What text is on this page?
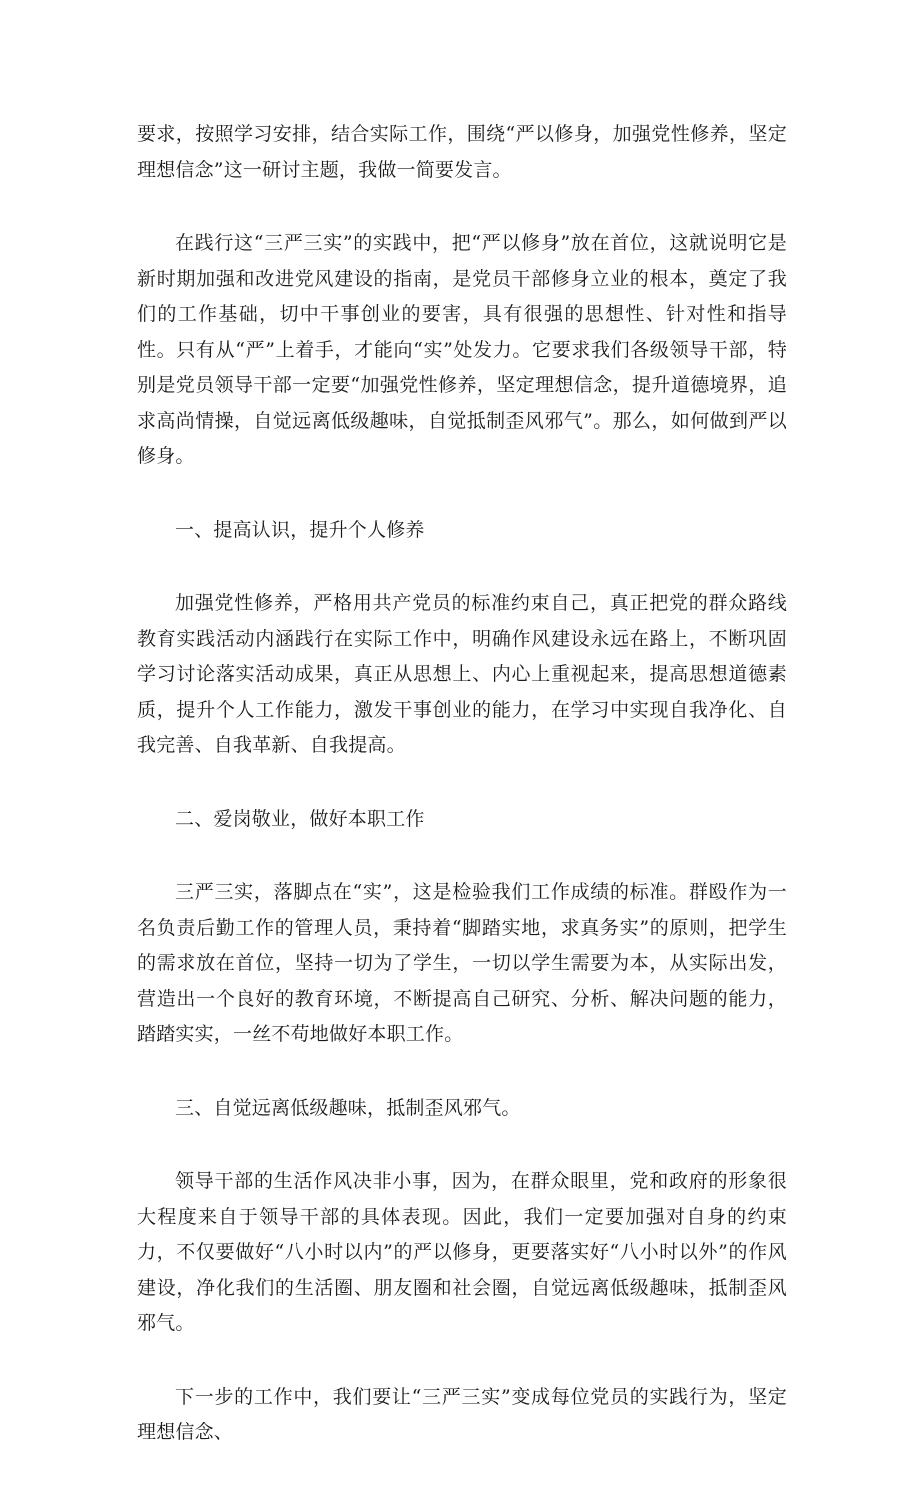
要求，按照学习安排，结合实际工作，围绕“严以修身，加强党性修养，坚定理想信念”这一研讨主题，我做一简要发言。

在践行这“三严三实”的实践中，把“严以修身”放在首位，这就说明它是新时期加强和改进党风建设的指南，是党员干部修身立业的根本，奠定了我们的工作基础，切中干事创业的要害，具有很强的思想性、针对性和指导性。只有从“严”上着手，才能向“实”处发力。它要求我们各级领导干部，特别是党员领导干部一定要“加强党性修养，坚定理想信念，提升道德境界，追求高尚情操，自觉远离低级趣味，自觉抵制歪风邪气”。那么，如何做到严以修身。

一、提高认识，提升个人修养

加强党性修养，严格用共产党员的标准约束自己，真正把党的群众路线教育实践活动内涵践行在实际工作中，明确作风建设永远在路上，不断巩固学习讨论落实活动成果，真正从思想上、内心上重视起来，提高思想道德素质，提升个人工作能力，激发干事创业的能力，在学习中实现自我净化、自我完善、自我革新、自我提高。

二、爱岗敬业，做好本职工作

三严三实，落脚点在“实”，这是检验我们工作成绩的标准。群殴作为一名负责后勤工作的管理人员，秉持着“脚踏实地，求真务实”的原则，把学生的需求放在首位，坚持一切为了学生，一切以学生需要为本，从实际出发，营造出一个良好的教育环境，不断提高自己研究、分析、解决问题的能力，踏踏实实，一丝不苟地做好本职工作。

三、自觉远离低级趣味，抵制歪风邪气。

领导干部的生活作风决非小事，因为，在群众眼里，党和政府的形象很大程度来自于领导干部的具体表现。因此，我们一定要加强对自身的约束力，不仅要做好“八小时以内”的严以修身，更要落实好“八小时以外”的作风建设，净化我们的生活圈、朋友圈和社会圈，自觉远离低级趣味，抵制歪风邪气。

下一步的工作中，我们要让“三严三实”变成每位党员的实践行为，坚定理想信念、
